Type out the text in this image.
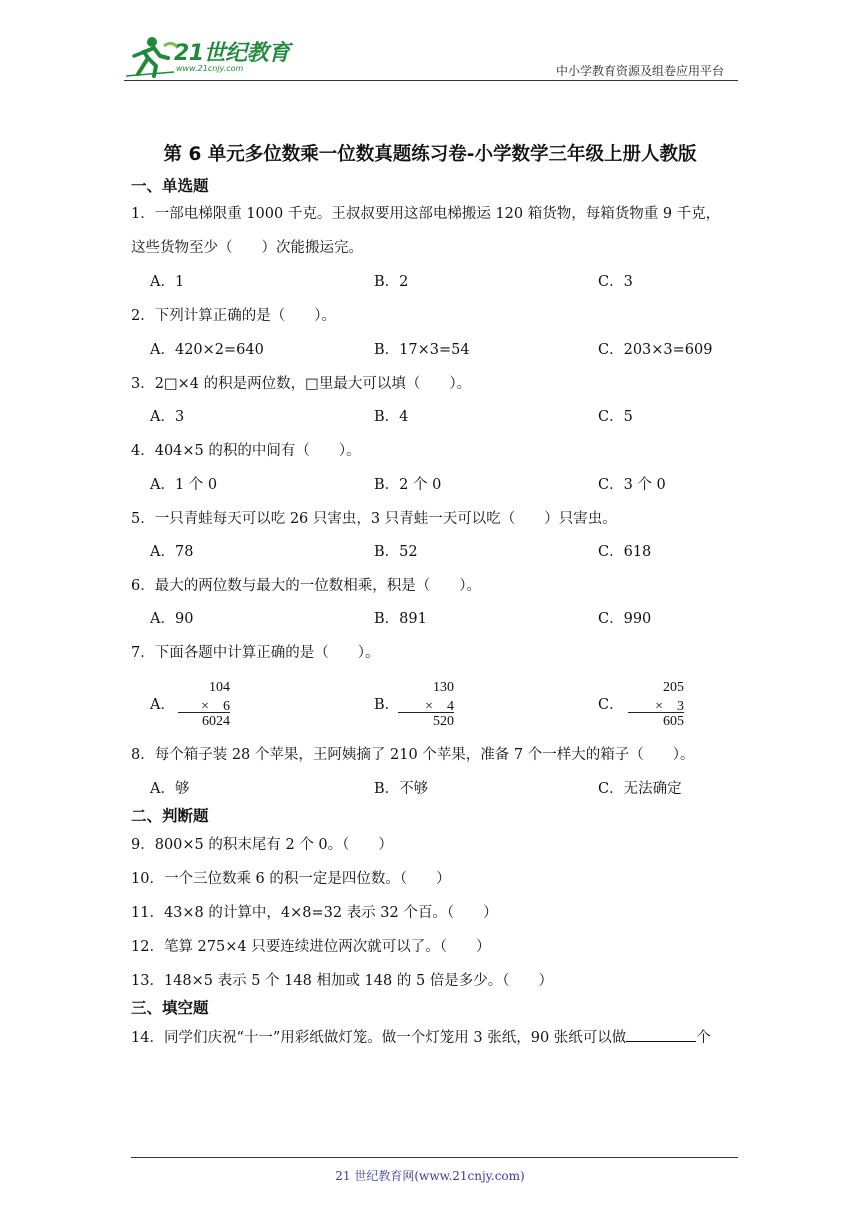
21世纪教育
www.21cnjy.com	中小学教育资源及组卷应用平台
第 6 单元多位数乘一位数真题练习卷-小学数学三年级上册人教版
一、单选题
1．一部电梯限重 1000 千克。王叔叔要用这部电梯搬运 120 箱货物，每箱货物重 9 千克，
这些货物至少（　　）次能搬运完。
A．1	B．2	C．3
2．下列计算正确的是（　　）。
A．420×2=640	B．17×3=54	C．203×3=609
3．2□×4 的积是两位数，□里最大可以填（　　）。
A．3	B．4	C．5
4．404×5 的积的中间有（　　）。
A．1 个 0	B．2 个 0	C．3 个 0
5．一只青蛙每天可以吃 26 只害虫，3 只青蛙一天可以吃（　　）只害虫。
A．78	B．52	C．618
6．最大的两位数与最大的一位数相乘，积是（　　）。
A．90	B．891	C．990
7．下面各题中计算正确的是（　　）。
A．
104
×　6
6024
B．
130
×　4
520
C．
205
×　3
605
8．每个箱子装 28 个苹果，王阿姨摘了 210 个苹果，准备 7 个一样大的箱子（　　）。
A．够	B．不够	C．无法确定
二、判断题
9．800×5 的积末尾有 2 个 0。（　　）
10．一个三位数乘 6 的积一定是四位数。（　　）
11．43×8 的计算中，4×8=32 表示 32 个百。（　　）
12．笔算 275×4 只要连续进位两次就可以了。（　　）
13．148×5 表示 5 个 148 相加或 148 的 5 倍是多少。（　　）
三、填空题
14．同学们庆祝“十一”用彩纸做灯笼。做一个灯笼用 3 张纸，90 张纸可以做	个
21 世纪教育网(www.21cnjy.com)
